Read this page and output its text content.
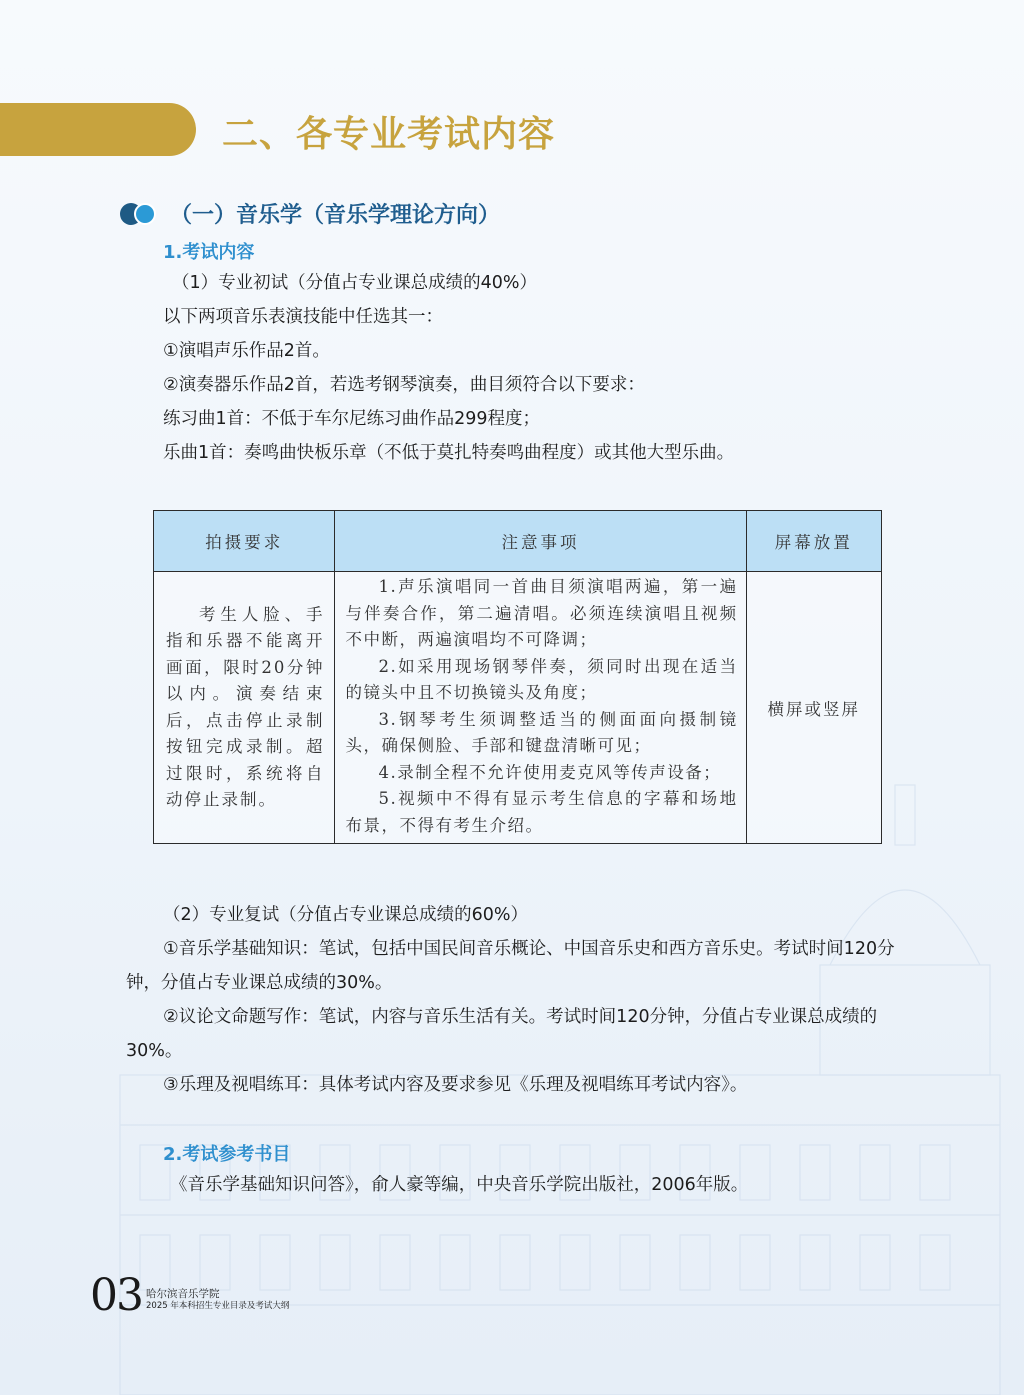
二、各专业考试内容
（一）音乐学（音乐学理论方向）
1.考试内容
（1）专业初试（分值占专业课总成绩的40%）
以下两项音乐表演技能中任选其一：
①演唱声乐作品2首。
②演奏器乐作品2首，若选考钢琴演奏，曲目须符合以下要求：
练习曲1首：不低于车尔尼练习曲作品299程度；
乐曲1首：奏鸣曲快板乐章（不低于莫扎特奏鸣曲程度）或其他大型乐曲。
拍摄要求	注意事项	屏幕放置

考生人脸、手指和乐器不能离开画面，限时20分钟以内。演奏结束后，点击停止录制按钮完成录制。超过限时，系统将自动停止录制。	1.声乐演唱同一首曲目须演唱两遍，第一遍与伴奏合作，第二遍清唱。必须连续演唱且视频不中断，两遍演唱均不可降调；

2.如采用现场钢琴伴奏，须同时出现在适当的镜头中且不切换镜头及角度；

3.钢琴考生须调整适当的侧面面向摄制镜头，确保侧脸、手部和键盘清晰可见；

4.录制全程不允许使用麦克风等传声设备；

5.视频中不得有显示考生信息的字幕和场地布景，不得有考生介绍。	横屏或竖屏
（2）专业复试（分值占专业课总成绩的60%）
①音乐学基础知识：笔试，包括中国民间音乐概论、中国音乐史和西方音乐史。考试时间120分钟，分值占专业课总成绩的30%。
②议论文命题写作：笔试，内容与音乐生活有关。考试时间120分钟，分值占专业课总成绩的30%。
③乐理及视唱练耳：具体考试内容及要求参见《乐理及视唱练耳考试内容》。
2.考试参考书目
《音乐学基础知识问答》，俞人豪等编，中央音乐学院出版社，2006年版。
03 哈尔滨音乐学院
2025 年本科招生专业目录及考试大纲
